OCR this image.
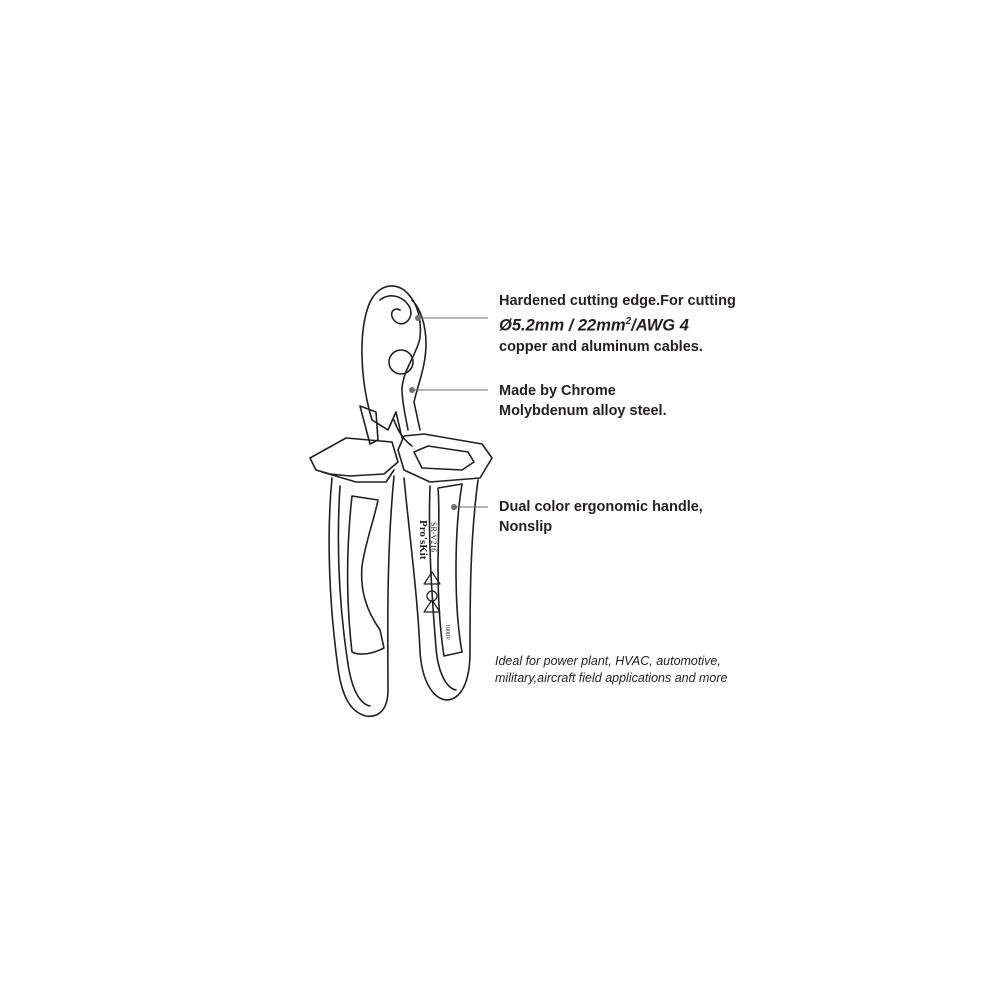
Pro'sKit SR-V216
1000V
Hardened cutting edge.For cutting
Ø5.2mm / $22mm^2$/AWG 4
copper and aluminum cables.
Made by Chrome
Molybdenum alloy steel.
Dual color ergonomic handle,
Nonslip
Ideal for power plant, HVAC, automotive,
military,aircraft field applications and more
